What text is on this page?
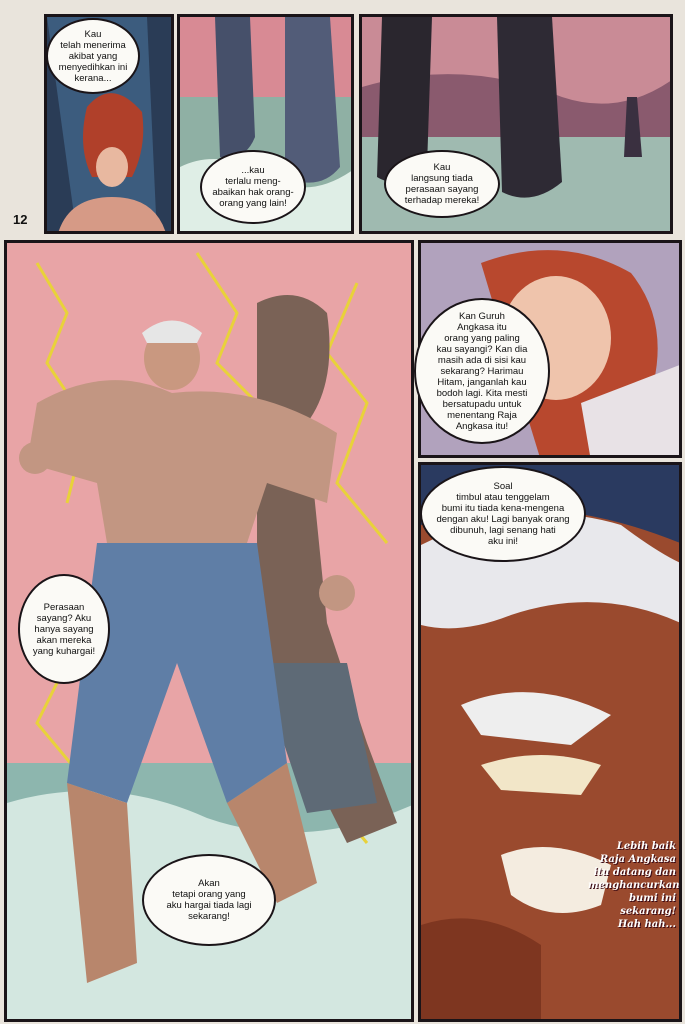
12
Kau
telah menerima
akibat yang
menyedihkan ini
kerana...
...kau
terlalu meng-
abaikan hak orang-
orang yang lain!
Kau
langsung tiada
perasaan sayang
terhadap mereka!
Kan Guruh
Angkasa itu
orang yang paling
kau sayangi? Kan dia
masih ada di sisi kau
sekarang? Harimau
Hitam, janganlah kau
bodoh lagi. Kita mesti
bersatupadu untuk
menentang Raja
Angkasa itu!
Soal
timbul atau tenggelam
bumi itu tiada kena-mengena
dengan aku! Lagi banyak orang
dibunuh, lagi senang hati
aku ini!
Perasaan
sayang? Aku
hanya sayang
akan mereka
yang kuhargai!
Akan
tetapi orang yang
aku hargai tiada lagi
sekarang!
Lebih baik
Raja Angkasa
itu datang dan
menghancurkan
bumi ini
sekarang!
Hah hah...
